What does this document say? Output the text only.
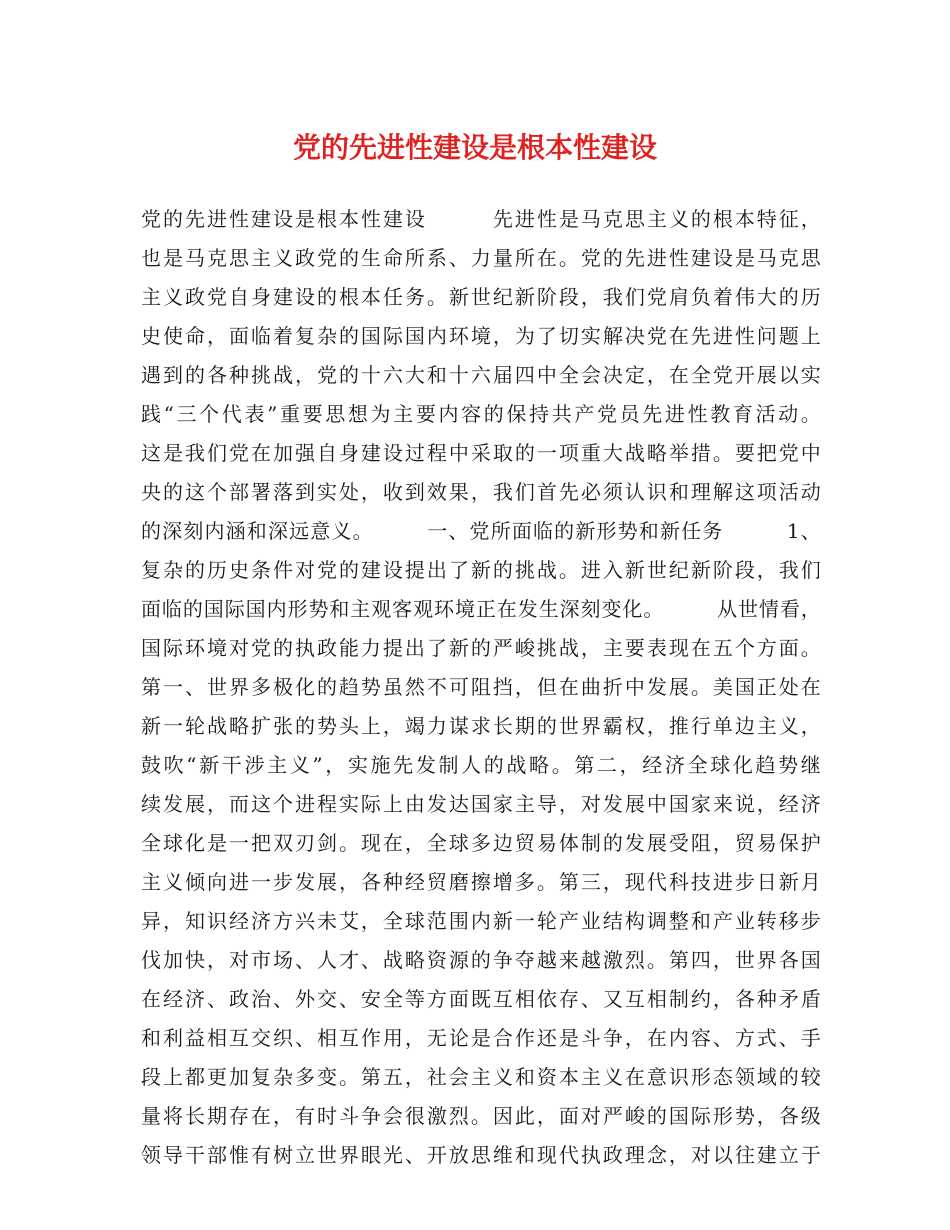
党的先进性建设是根本性建设
党的先进性建设是根本性建设　　　先进性是马克思主义的根本特征，
也是马克思主义政党的生命所系、力量所在。党的先进性建设是马克思
主义政党自身建设的根本任务。新世纪新阶段，我们党肩负着伟大的历
史使命，面临着复杂的国际国内环境，为了切实解决党在先进性问题上
遇到的各种挑战，党的十六大和十六届四中全会决定，在全党开展以实
践“三个代表”重要思想为主要内容的保持共产党员先进性教育活动。
这是我们党在加强自身建设过程中采取的一项重大战略举措。要把党中
央的这个部署落到实处，收到效果，我们首先必须认识和理解这项活动
的深刻内涵和深远意义。　　　一、党所面临的新形势和新任务　　　1、
复杂的历史条件对党的建设提出了新的挑战。进入新世纪新阶段，我们
面临的国际国内形势和主观客观环境正在发生深刻变化。　　　从世情看，
国际环境对党的执政能力提出了新的严峻挑战，主要表现在五个方面。
第一、世界多极化的趋势虽然不可阻挡，但在曲折中发展。美国正处在
新一轮战略扩张的势头上，竭力谋求长期的世界霸权，推行单边主义，
鼓吹“新干涉主义”，实施先发制人的战略。第二，经济全球化趋势继
续发展，而这个进程实际上由发达国家主导，对发展中国家来说，经济
全球化是一把双刃剑。现在，全球多边贸易体制的发展受阻，贸易保护
主义倾向进一步发展，各种经贸磨擦增多。第三，现代科技进步日新月
异，知识经济方兴未艾，全球范围内新一轮产业结构调整和产业转移步
伐加快，对市场、人才、战略资源的争夺越来越激烈。第四，世界各国
在经济、政治、外交、安全等方面既互相依存、又互相制约，各种矛盾
和利益相互交织、相互作用，无论是合作还是斗争，在内容、方式、手
段上都更加复杂多变。第五，社会主义和资本主义在意识形态领域的较
量将长期存在，有时斗争会很激烈。因此，面对严峻的国际形势，各级
领导干部惟有树立世界眼光、开放思维和现代执政理念，对以往建立于
